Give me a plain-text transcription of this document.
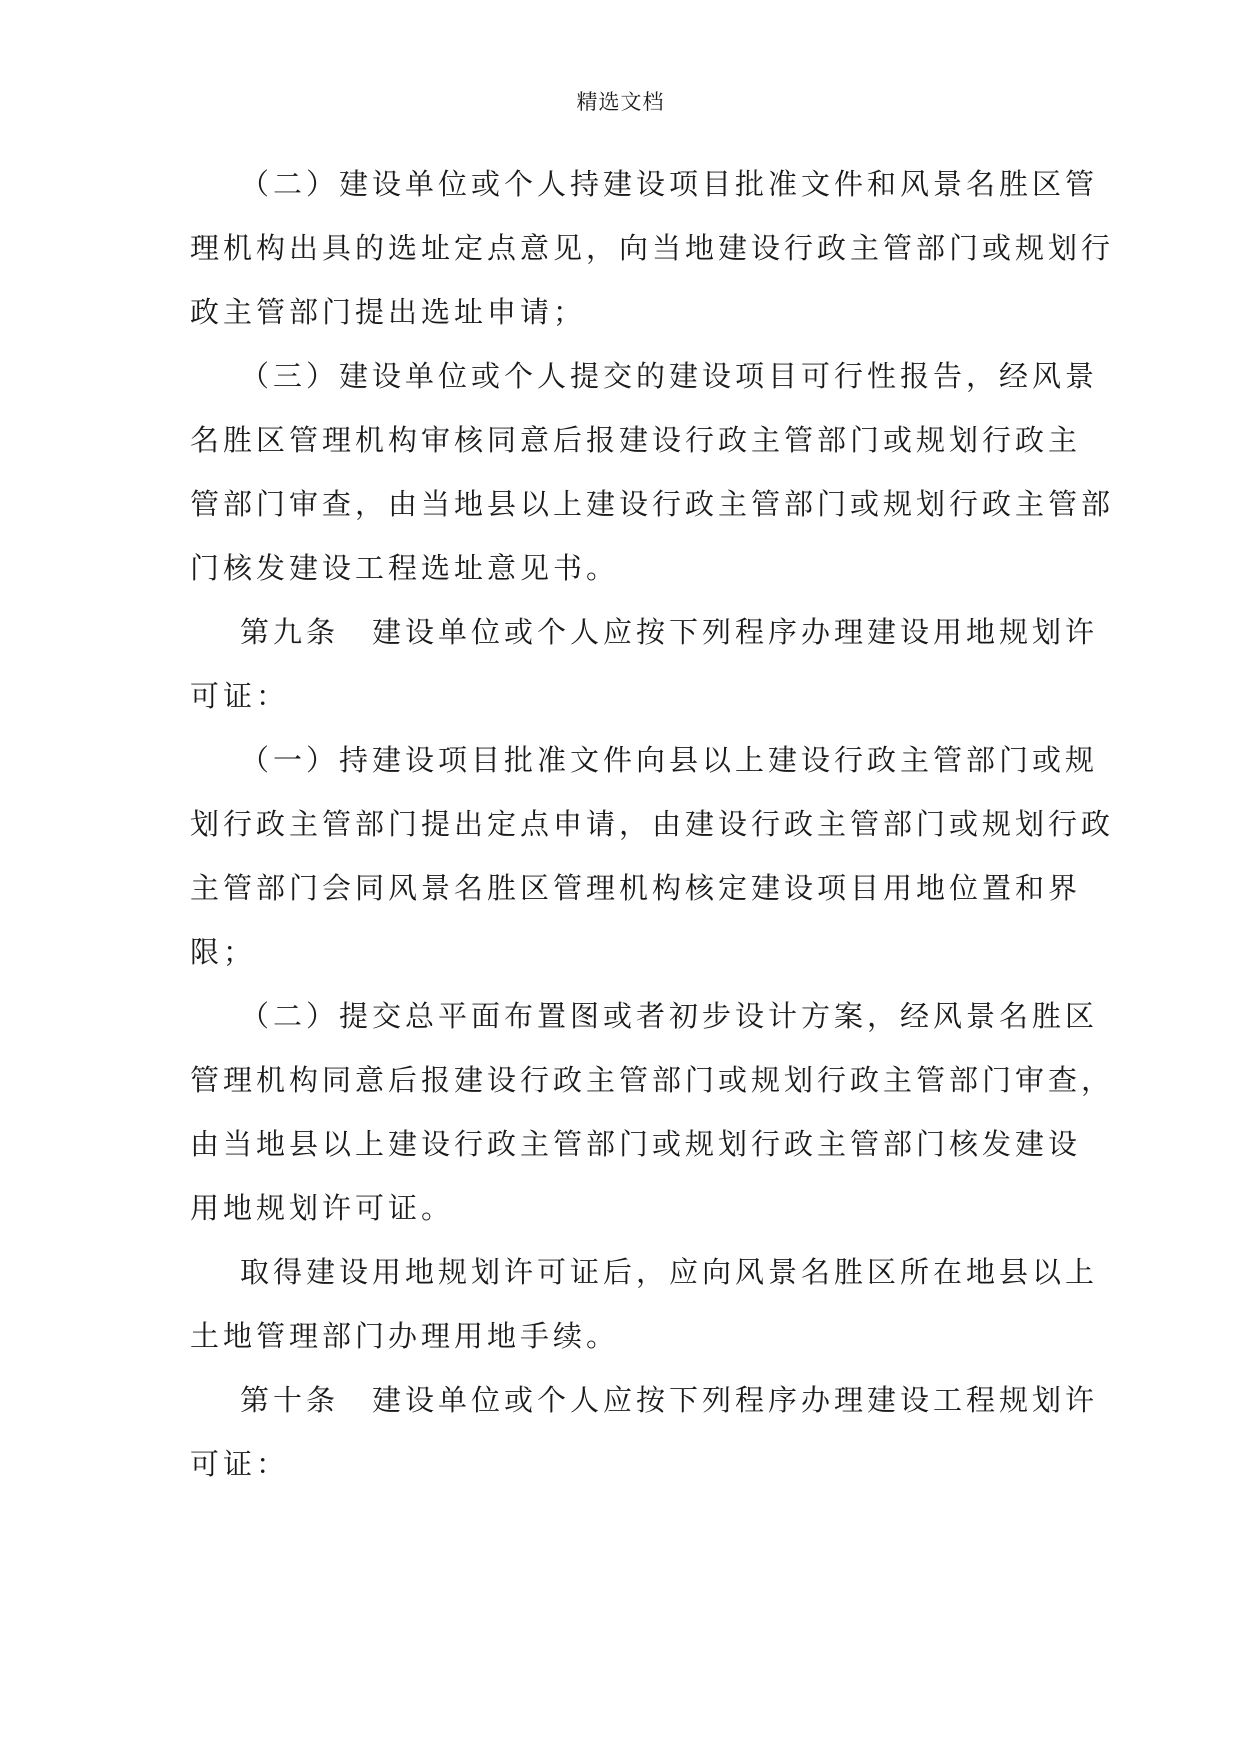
精选文档
（二）建设单位或个人持建设项目批准文件和风景名胜区管
理机构出具的选址定点意见，向当地建设行政主管部门或规划行
政主管部门提出选址申请；
（三）建设单位或个人提交的建设项目可行性报告，经风景
名胜区管理机构审核同意后报建设行政主管部门或规划行政主
管部门审查，由当地县以上建设行政主管部门或规划行政主管部
门核发建设工程选址意见书。
第九条　建设单位或个人应按下列程序办理建设用地规划许
可证：
（一）持建设项目批准文件向县以上建设行政主管部门或规
划行政主管部门提出定点申请，由建设行政主管部门或规划行政
主管部门会同风景名胜区管理机构核定建设项目用地位置和界
限；
（二）提交总平面布置图或者初步设计方案，经风景名胜区
管理机构同意后报建设行政主管部门或规划行政主管部门审查，
由当地县以上建设行政主管部门或规划行政主管部门核发建设
用地规划许可证。
取得建设用地规划许可证后，应向风景名胜区所在地县以上
土地管理部门办理用地手续。
第十条　建设单位或个人应按下列程序办理建设工程规划许
可证：
